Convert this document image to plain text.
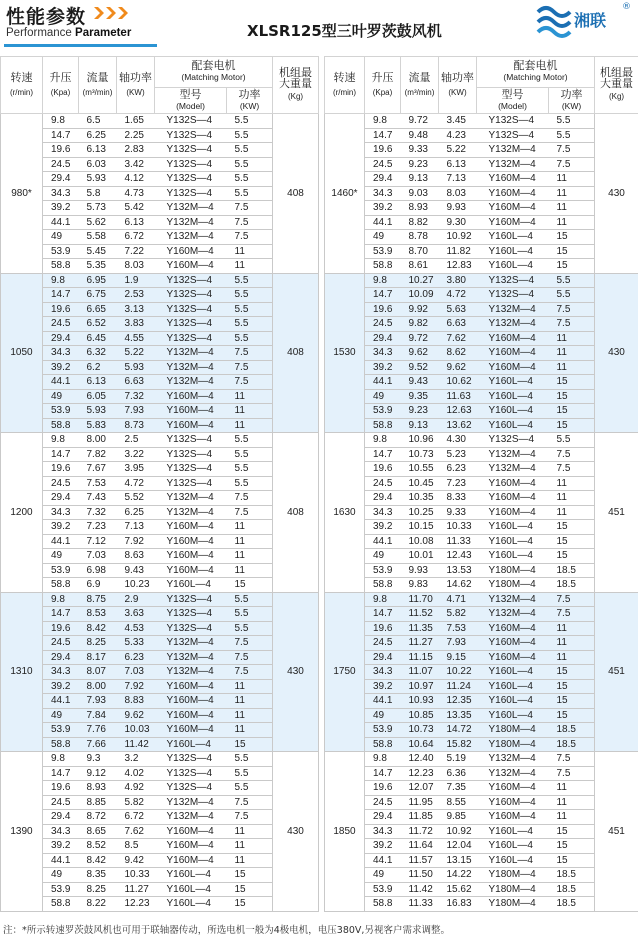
性能参数
Performance Parameter	XLSR125型三叶罗茨鼓风机
湘联
®
转速
(r/min)	升压
(Kpa)	流量
(m³/min)	轴功率
(KW)	配套电机
(Matching Motor)		机组最
大重量
(Kg)

				型号
(Model)	功率
(KW)	

980*	9.8	6.5	1.65	Y132S—4	5.5	408
	14.7	6.25	2.25	Y132S—4	5.5	
	19.6	6.13	2.83	Y132S—4	5.5	
	24.5	6.03	3.42	Y132S—4	5.5	
	29.4	5.93	4.12	Y132S—4	5.5	
	34.3	5.8	4.73	Y132S—4	5.5	
	39.2	5.73	5.42	Y132M—4	7.5	
	44.1	5.62	6.13	Y132M—4	7.5	
	49	5.58	6.72	Y132M—4	7.5	
	53.9	5.45	7.22	Y160M—4	11	
	58.8	5.35	8.03	Y160M—4	11	
1050	9.8	6.95	1.9	Y132S—4	5.5	408
	14.7	6.75	2.53	Y132S—4	5.5	
	19.6	6.65	3.13	Y132S—4	5.5	
	24.5	6.52	3.83	Y132S—4	5.5	
	29.4	6.45	4.55	Y132S—4	5.5	
	34.3	6.32	5.22	Y132M—4	7.5	
	39.2	6.2	5.93	Y132M—4	7.5	
	44.1	6.13	6.63	Y132M—4	7.5	
	49	6.05	7.32	Y160M—4	11	
	53.9	5.93	7.93	Y160M—4	11	
	58.8	5.83	8.73	Y160M—4	11	
1200	9.8	8.00	2.5	Y132S—4	5.5	408
	14.7	7.82	3.22	Y132S—4	5.5	
	19.6	7.67	3.95	Y132S—4	5.5	
	24.5	7.53	4.72	Y132S—4	5.5	
	29.4	7.43	5.52	Y132M—4	7.5	
	34.3	7.32	6.25	Y132M—4	7.5	
	39.2	7.23	7.13	Y160M—4	11	
	44.1	7.12	7.92	Y160M—4	11	
	49	7.03	8.63	Y160M—4	11	
	53.9	6.98	9.43	Y160M—4	11	
	58.8	6.9	10.23	Y160L—4	15	
1310	9.8	8.75	2.9	Y132S—4	5.5	430
	14.7	8.53	3.63	Y132S—4	5.5	
	19.6	8.42	4.53	Y132S—4	5.5	
	24.5	8.25	5.33	Y132M—4	7.5	
	29.4	8.17	6.23	Y132M—4	7.5	
	34.3	8.07	7.03	Y132M—4	7.5	
	39.2	8.00	7.92	Y160M—4	11	
	44.1	7.93	8.83	Y160M—4	11	
	49	7.84	9.62	Y160M—4	11	
	53.9	7.76	10.03	Y160M—4	11	
	58.8	7.66	11.42	Y160L—4	15	
1390	9.8	9.3	3.2	Y132S—4	5.5	430
	14.7	9.12	4.02	Y132S—4	5.5	
	19.6	8.93	4.92	Y132S—4	5.5	
	24.5	8.85	5.82	Y132M—4	7.5	
	29.4	8.72	6.72	Y132M—4	7.5	
	34.3	8.65	7.62	Y160M—4	11	
	39.2	8.52	8.5	Y160M—4	11	
	44.1	8.42	9.42	Y160M—4	11	
	49	8.35	10.33	Y160L—4	15	
	53.9	8.25	11.27	Y160L—4	15	
	58.8	8.22	12.23	Y160L—4	15	
转速
(r/min)	升压
(Kpa)	流量
(m³/min)	轴功率
(KW)	配套电机
(Matching Motor)		机组最
大重量
(Kg)

				型号
(Model)	功率
(KW)	

1460*	9.8	9.72	3.45	Y132S—4	5.5	430
	14.7	9.48	4.23	Y132S—4	5.5	
	19.6	9.33	5.22	Y132M—4	7.5	
	24.5	9.23	6.13	Y132M—4	7.5	
	29.4	9.13	7.13	Y160M—4	11	
	34.3	9.03	8.03	Y160M—4	11	
	39.2	8.93	9.93	Y160M—4	11	
	44.1	8.82	9.30	Y160M—4	11	
	49	8.78	10.92	Y160L—4	15	
	53.9	8.70	11.82	Y160L—4	15	
	58.8	8.61	12.83	Y160L—4	15	
1530	9.8	10.27	3.80	Y132S—4	5.5	430
	14.7	10.09	4.72	Y132S—4	5.5	
	19.6	9.92	5.63	Y132M—4	7.5	
	24.5	9.82	6.63	Y132M—4	7.5	
	29.4	9.72	7.62	Y160M—4	11	
	34.3	9.62	8.62	Y160M—4	11	
	39.2	9.52	9.62	Y160M—4	11	
	44.1	9.43	10.62	Y160L—4	15	
	49	9.35	11.63	Y160L—4	15	
	53.9	9.23	12.63	Y160L—4	15	
	58.8	9.13	13.62	Y160L—4	15	
1630	9.8	10.96	4.30	Y132S—4	5.5	451
	14.7	10.73	5.23	Y132M—4	7.5	
	19.6	10.55	6.23	Y132M—4	7.5	
	24.5	10.45	7.23	Y160M—4	11	
	29.4	10.35	8.33	Y160M—4	11	
	34.3	10.25	9.33	Y160M—4	11	
	39.2	10.15	10.33	Y160L—4	15	
	44.1	10.08	11.33	Y160L—4	15	
	49	10.01	12.43	Y160L—4	15	
	53.9	9.93	13.53	Y180M—4	18.5	
	58.8	9.83	14.62	Y180M—4	18.5	
1750	9.8	11.70	4.71	Y132M—4	7.5	451
	14.7	11.52	5.82	Y132M—4	7.5	
	19.6	11.35	7.53	Y160M—4	11	
	24.5	11.27	7.93	Y160M—4	11	
	29.4	11.15	9.15	Y160M—4	11	
	34.3	11.07	10.22	Y160L—4	15	
	39.2	10.97	11.24	Y160L—4	15	
	44.1	10.93	12.35	Y160L—4	15	
	49	10.85	13.35	Y160L—4	15	
	53.9	10.73	14.72	Y180M—4	18.5	
	58.8	10.64	15.82	Y180M—4	18.5	
1850	9.8	12.40	5.19	Y132M—4	7.5	451
	14.7	12.23	6.36	Y132M—4	7.5	
	19.6	12.07	7.35	Y160M—4	11	
	24.5	11.95	8.55	Y160M—4	11	
	29.4	11.85	9.85	Y160M—4	11	
	34.3	11.72	10.92	Y160L—4	15	
	39.2	11.64	12.04	Y160L—4	15	
	44.1	11.57	13.15	Y160L—4	15	
	49	11.50	14.22	Y180M—4	18.5	
	53.9	11.42	15.62	Y180M—4	18.5	
	58.8	11.33	16.83	Y180M—4	18.5	
注：*所示转速罗茨鼓风机也可用于联轴器传动，所选电机一般为4极电机，电压380V,另视客户需求调整。
